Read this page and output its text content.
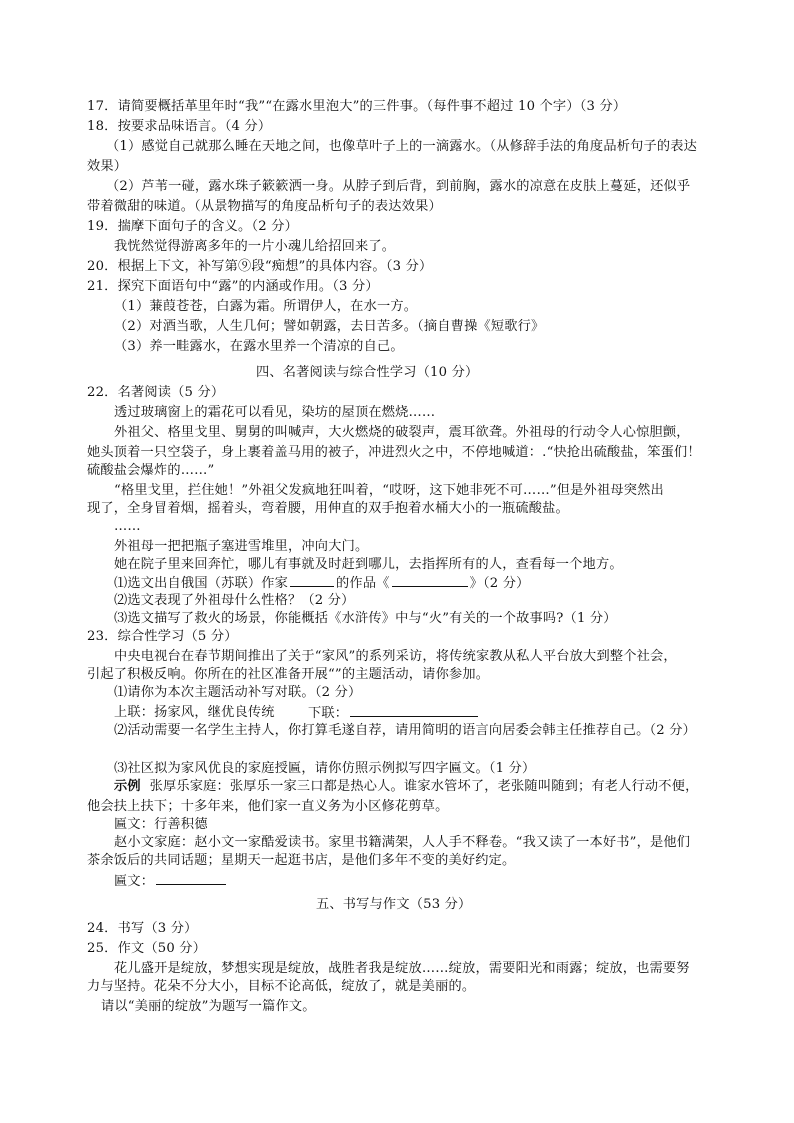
17．请简要概括革里年时“我”“在露水里泡大”的三件事。（每件事不超过 10 个字）（3 分）
18．按要求品味语言。（4 分）
（1）感觉自己就那么睡在天地之间，也像草叶子上的一滴露水。（从修辞手法的角度品析句子的表达
效果）
（2）芦苇一碰，露水珠子簌簌洒一身。从脖子到后背，到前胸，露水的凉意在皮肤上蔓延，还似乎
带着微甜的味道。（从景物描写的角度品析句子的表达效果）
19．揣摩下面句子的含义。（2 分）
我恍然觉得游离多年的一片小魂儿给招回来了。
20．根据上下文，补写第⑨段“痴想”的具体内容。（3 分）
21．探究下面语句中“露”的内涵或作用。（3 分）
（1）蒹葭苍苍，白露为霜。所谓伊人，在水一方。
（2）对酒当歌，人生几何；譬如朝露，去日苦多。（摘自曹操《短歌行》
（3）养一畦露水，在露水里养一个清凉的自己。
四、名著阅读与综合性学习（10 分）
22．名著阅读（5 分）
透过玻璃窗上的霜花可以看见，染坊的屋顶在燃烧……
外祖父、格里戈里、舅舅的叫喊声，大火燃烧的破裂声，震耳欲聋。外祖母的行动令人心惊胆颤，
她头顶着一只空袋子，身上裹着盖马用的被子，冲进烈火之中，不停地喊道：.“快抢出硫酸盐，笨蛋们！
硫酸盐会爆炸的……”
“格里戈里，拦住她！”外祖父发疯地狂叫着，“哎呀，这下她非死不可……”但是外祖母突然出
现了，全身冒着烟，摇着头，弯着腰，用伸直的双手抱着水桶大小的一瓶硫酸盐。
……
外祖母一把把瓶子塞进雪堆里，冲向大门。
她在院子里来回奔忙，哪儿有事就及时赶到哪儿，去指挥所有的人，查看每一个地方。
⑴选文出自俄国（苏联）作家	的作品《	》（2 分）
⑵选文表现了外祖母什么性格？（2 分）
⑶选文描写了救火的场景，你能概括《水浒传》中与“火”有关的一个故事吗?（1 分）
23．综合性学习（5 分）
中央电视台在春节期间推出了关于“家风”的系列采访，将传统家教从私人平台放大到整个社会，
引起了积极反响。你所在的社区准备开展“”的主题活动，请你参加。
⑴请你为本次主题活动补写对联。（2 分）
上联：扬家风，继优良传统	下联：
⑵活动需要一名学生主持人，你打算毛遂自荐，请用简明的语言向居委会韩主任推荐自己。（2 分）
⑶社区拟为家风优良的家庭授匾，请你仿照示例拟写四字匾文。（1 分）
示例 张厚乐家庭：张厚乐一家三口都是热心人。谁家水管坏了，老张随叫随到；有老人行动不便，
他会扶上扶下；十多年来，他们家一直义务为小区修花剪草。
匾文：行善积德
赵小文家庭：赵小文一家酷爱读书。家里书籍满架，人人手不释卷。“我又读了一本好书”，是他们
茶余饭后的共同话题；星期天一起逛书店，是他们多年不变的美好约定。
匾文：
五、书写与作文（53 分）
24．书写（3 分）
25．作文（50 分）
花儿盛开是绽放，梦想实现是绽放，战胜者我是绽放……绽放，需要阳光和雨露；绽放，也需要努
力与坚持。花朵不分大小，目标不论高低，绽放了，就是美丽的。
请以“美丽的绽放”为题写一篇作文。
